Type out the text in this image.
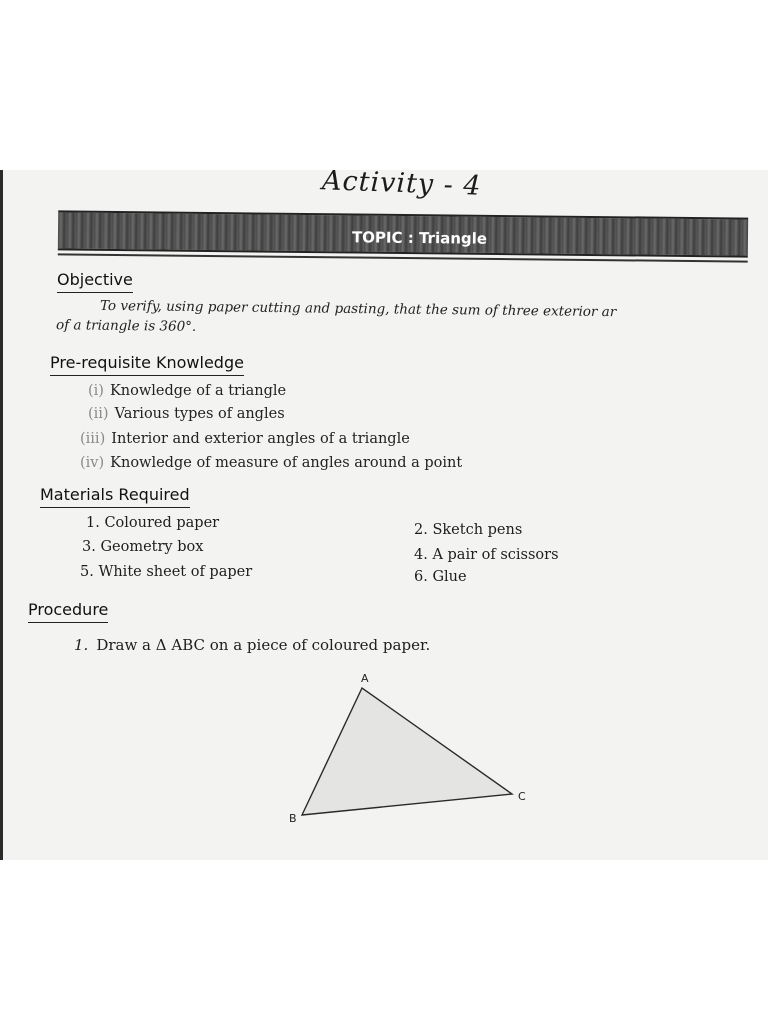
Activity - 4
TOPIC : Triangle
Objective
To verify, using paper cutting and pasting, that the sum of three exterior ar
of a triangle is 360°.
Pre-requisite Knowledge
(i) Knowledge of a triangle
(ii) Various types of angles
(iii) Interior and exterior angles of a triangle
(iv) Knowledge of measure of angles around a point
Materials Required
1. Coloured paper	2. Sketch pens
3. Geometry box	4. A pair of scissors
5. White sheet of paper	6. Glue
Procedure
1. Draw a Δ ABC on a piece of coloured paper.
A
B
C
